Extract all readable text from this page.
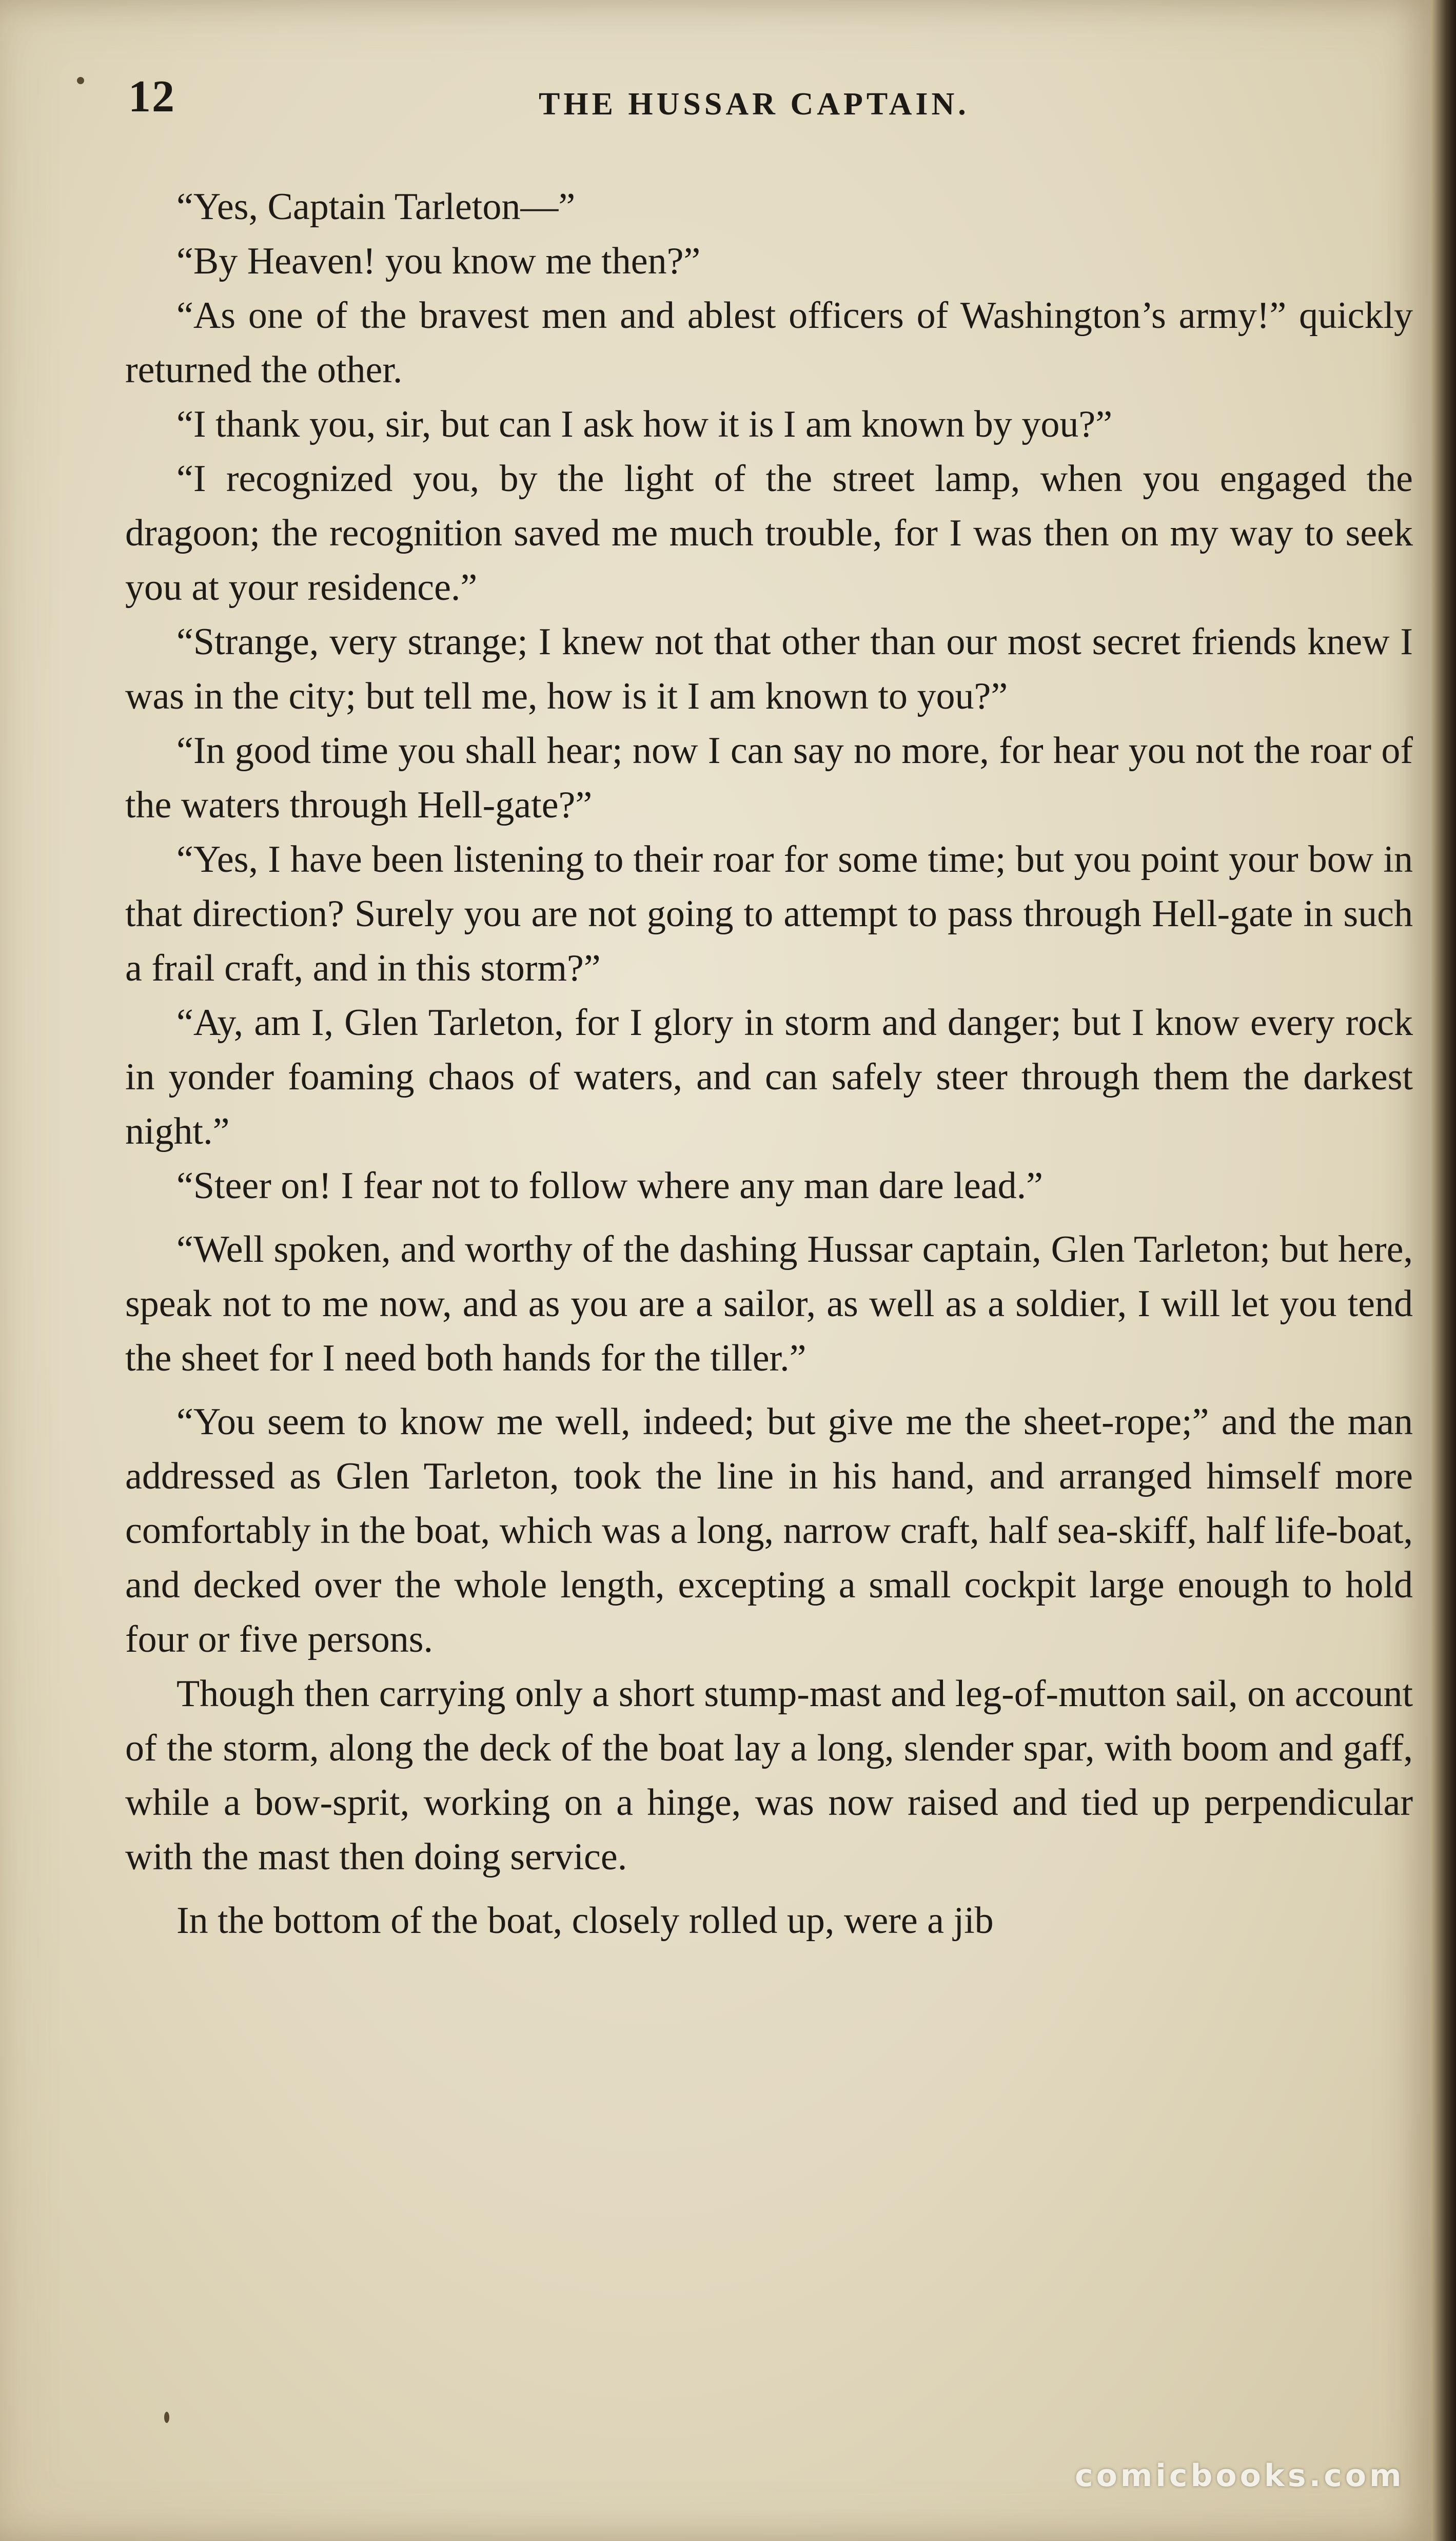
12	THE HUSSAR CAPTAIN.

“Yes, Captain Tarleton—”

“By Heaven! you know me then?”

“As one of the bravest men and ablest officers of Washington’s army!” quickly returned the other.

“I thank you, sir, but can I ask how it is I am known by you?”

“I recognized you, by the light of the street lamp, when you engaged the dragoon; the recognition saved me much trouble, for I was then on my way to seek you at your residence.”

“Strange, very strange; I knew not that other than our most secret friends knew I was in the city; but tell me, how is it I am known to you?”

“In good time you shall hear; now I can say no more, for hear you not the roar of the waters through Hell-gate?”

“Yes, I have been listening to their roar for some time; but you point your bow in that direction? Surely you are not going to attempt to pass through Hell-gate in such a frail craft, and in this storm?”

“Ay, am I, Glen Tarleton, for I glory in storm and danger; but I know every rock in yonder foaming chaos of waters, and can safely steer through them the darkest night.”

“Steer on! I fear not to follow where any man dare lead.”

“Well spoken, and worthy of the dashing Hussar captain, Glen Tarleton; but here, speak not to me now, and as you are a sailor, as well as a soldier, I will let you tend the sheet for I need both hands for the tiller.”

“You seem to know me well, indeed; but give me the sheet-rope;” and the man addressed as Glen Tarleton, took the line in his hand, and arranged himself more comfortably in the boat, which was a long, narrow craft, half sea-skiff, half life-boat, and decked over the whole length, excepting a small cockpit large enough to hold four or five persons.

Though then carrying only a short stump-mast and leg-of-mutton sail, on account of the storm, along the deck of the boat lay a long, slender spar, with boom and gaff, while a bow-sprit, working on a hinge, was now raised and tied up perpendicular with the mast then doing service.

In the bottom of the boat, closely rolled up, were a jib

comicbooks.com
